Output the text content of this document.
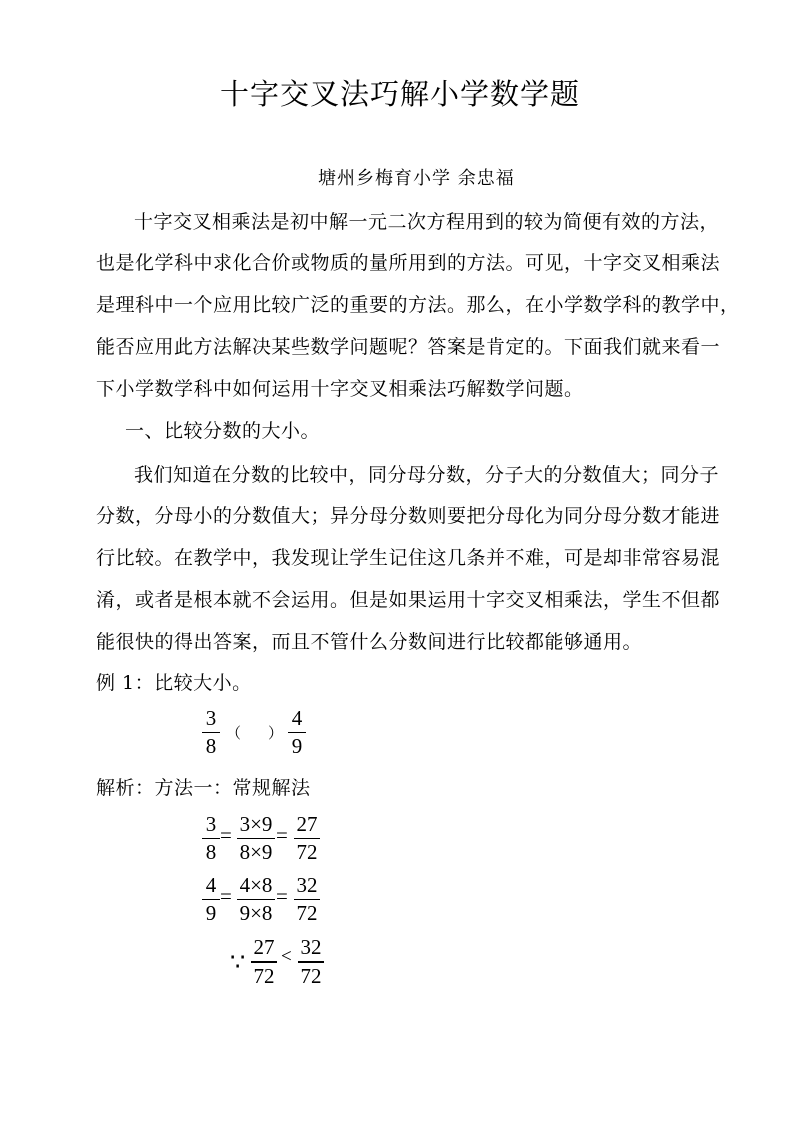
十字交叉法巧解小学数学题
塘州乡梅育小学 余忠福
十字交叉相乘法是初中解一元二次方程用到的较为简便有效的方法，
也是化学科中求化合价或物质的量所用到的方法。可见，十字交叉相乘法
是理科中一个应用比较广泛的重要的方法。那么，在小学数学科的教学中，
能否应用此方法解决某些数学问题呢？答案是肯定的。下面我们就来看一
下小学数学科中如何运用十字交叉相乘法巧解数学问题。
一、比较分数的大小。
我们知道在分数的比较中，同分母分数，分子大的分数值大；同分子
分数，分母小的分数值大；异分母分数则要把分母化为同分母分数才能进
行比较。在教学中，我发现让学生记住这几条并不难，可是却非常容易混
淆，或者是根本就不会运用。但是如果运用十字交叉相乘法，学生不但都
能很快的得出答案，而且不管什么分数间进行比较都能够通用。
例 1：比较大小。
3
8
（ ）
4
9
解析：方法一：常规解法
3
8
= 3×9
8×9
= 27
72
4
9
= 4×8
9×8
= 32
72
∵
27
72
< 32
72
